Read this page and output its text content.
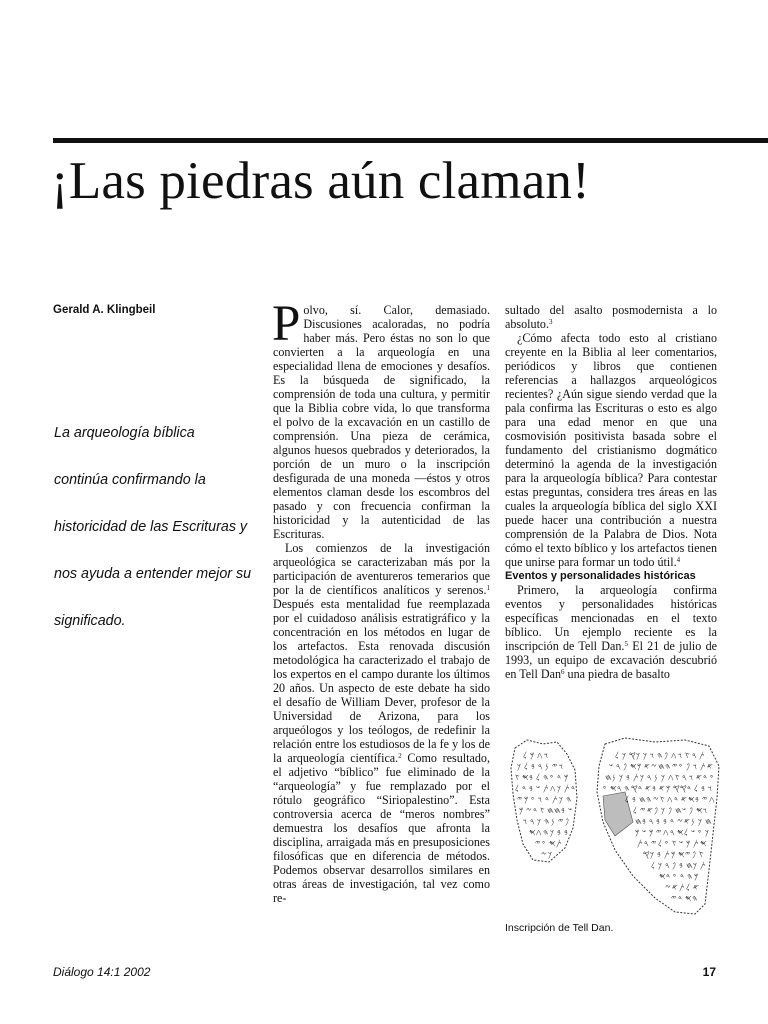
¡Las piedras aún claman!
Gerald A. Klingbeil
La arqueología bíblica
continúa confirmando la
historicidad de las Escrituras y
nos ayuda a entender mejor su
significado.

Polvo, sí. Calor, demasiado. Discusiones acaloradas, no podría haber más. Pero éstas no son lo que convierten a la arqueología en una especialidad llena de emociones y desafíos. Es la búsqueda de significado, la comprensión de toda una cultura, y permitir que la Biblia cobre vida, lo que transforma el polvo de la excavación en un castillo de comprensión. Una pieza de cerámica, algunos huesos quebrados y deteriorados, la porción de un muro o la inscripción desfigurada de una moneda —éstos y otros elementos claman desde los escombros del pasado y con frecuencia confirman la historicidad y la autenticidad de las Escrituras.

Los comienzos de la investigación arqueológica se caracterizaban más por la participación de aventureros temerarios que por la de científicos analíticos y serenos.$^1$ Después esta mentalidad fue reemplazada por el cuidadoso análisis estratigráfico y la concentración en los métodos en lugar de los artefactos. Esta renovada discusión metodológica ha caracterizado el trabajo de los expertos en el campo durante los últimos 20 años. Un aspecto de este debate ha sido el desafío de William Dever, profesor de la Universidad de Arizona, para los arqueólogos y los teólogos, de redefinir la relación entre los estudiosos de la fe y los de la arqueología científica.$^2$ Como resultado, el adjetivo “bíblico” fue eliminado de la “arqueología” y fue remplazado por el rótulo geográfico “Siriopalestino”. Esta controversia acerca de “meros nombres” demuestra los desafíos que afronta la disciplina, arraigada más en presuposiciones filosóficas que en diferencia de métodos. Podemos observar desarrollos similares en otras áreas de investigación, tal vez como re-

sultado del asalto posmodernista a lo absoluto.$^3$

¿Cómo afecta todo esto al cristiano creyente en la Biblia al leer comentarios, periódicos y libros que contienen referencias a hallazgos arqueológicos recientes? ¿Aún sigue siendo verdad que la pala confirma las Escrituras o esto es algo para una edad menor en que una cosmovisión positivista basada sobre el fundamento del cristianismo dogmático determinó la agenda de la investigación para la arqueología bíblica? Para contestar estas preguntas, considera tres áreas en las cuales la arqueología bíblica del siglo XXI puede hacer una contribución a nuestra comprensión de la Palabra de Dios. Nota cómo el texto bíblico y los artefactos tienen que unirse para formar un todo útil.$^4$

Eventos y personalidades históricas

Primero, la arqueología confirma eventos y personalidades históricas específicas mencionadas en el texto bíblico. Un ejemplo reciente es la inscripción de Tell Dan.$^5$ El 21 de julio de 1993, un equipo de excavación descubrió en Tell Dan$^6$ una piedra de basalto

𐤋 𐤌 𐤂 𐤅
𐤊 𐤋 𐤁 𐤓 𐤍 𐤉 𐤅
𐤑 𐤎 𐤁 𐤋 𐤄 𐤏 𐤃 𐤌
𐤋 𐤃 𐤁 𐤔 𐤕 𐤂 𐤊 𐤕 𐤃
𐤉 𐤌 𐤏 𐤅 𐤃 𐤕 𐤊 𐤄
𐤌 𐤆 𐤃 𐤑 𐤇 𐤇 𐤁 𐤔
𐤅 𐤓 𐤊 𐤄 𐤍 𐤉 𐤐
𐤎 𐤂 𐤄 𐤊 𐤁 𐤁
𐤉 𐤏 𐤎 𐤕
𐤆 𐤊
𐤋 𐤊 𐤒 𐤊 𐤊 𐤅 𐤄 𐤐 𐤂 𐤅 𐤑 𐤓 𐤕
𐤔 𐤓 𐤐 𐤎 𐤌 𐤀 𐤆 𐤇 𐤄 𐤉 𐤏 𐤐 𐤅 𐤕 𐤀
𐤇 𐤍 𐤊 𐤁 𐤕 𐤊 𐤓 𐤍 𐤊 𐤂 𐤑 𐤓 𐤅 𐤀 𐤃 𐤏
𐤏 𐤎 𐤓 𐤄 𐤒 𐤃 𐤀 𐤁 𐤀 𐤌 𐤒 𐤒 𐤃 𐤋 𐤁 𐤅
𐤋 𐤁 𐤇 𐤄 𐤆 𐤑 𐤂 𐤃 𐤀 𐤎 𐤁 𐤉 𐤂
𐤋 𐤉 𐤀 𐤐 𐤊 𐤐 𐤇 𐤔 𐤐 𐤎 𐤅
𐤇 𐤁 𐤓 𐤁 𐤁 𐤃 𐤆 𐤀 𐤍 𐤊 𐤇
𐤌 𐤔 𐤌 𐤉 𐤂 𐤓 𐤎 𐤋 𐤔 𐤏 𐤊
𐤕 𐤓 𐤉 𐤋 𐤏 𐤑 𐤔 𐤌 𐤕 𐤎
𐤒 𐤊 𐤁 𐤕 𐤌 𐤎 𐤉 𐤐 𐤑
𐤋 𐤊 𐤓 𐤐 𐤁 𐤇 𐤊 𐤕
𐤎 𐤃 𐤏 𐤃 𐤄 𐤌
𐤆 𐤀 𐤕 𐤋 𐤀
𐤉 𐤃 𐤎 𐤄
Inscripción de Tell Dan.
Diálogo 14:1 2002	17
